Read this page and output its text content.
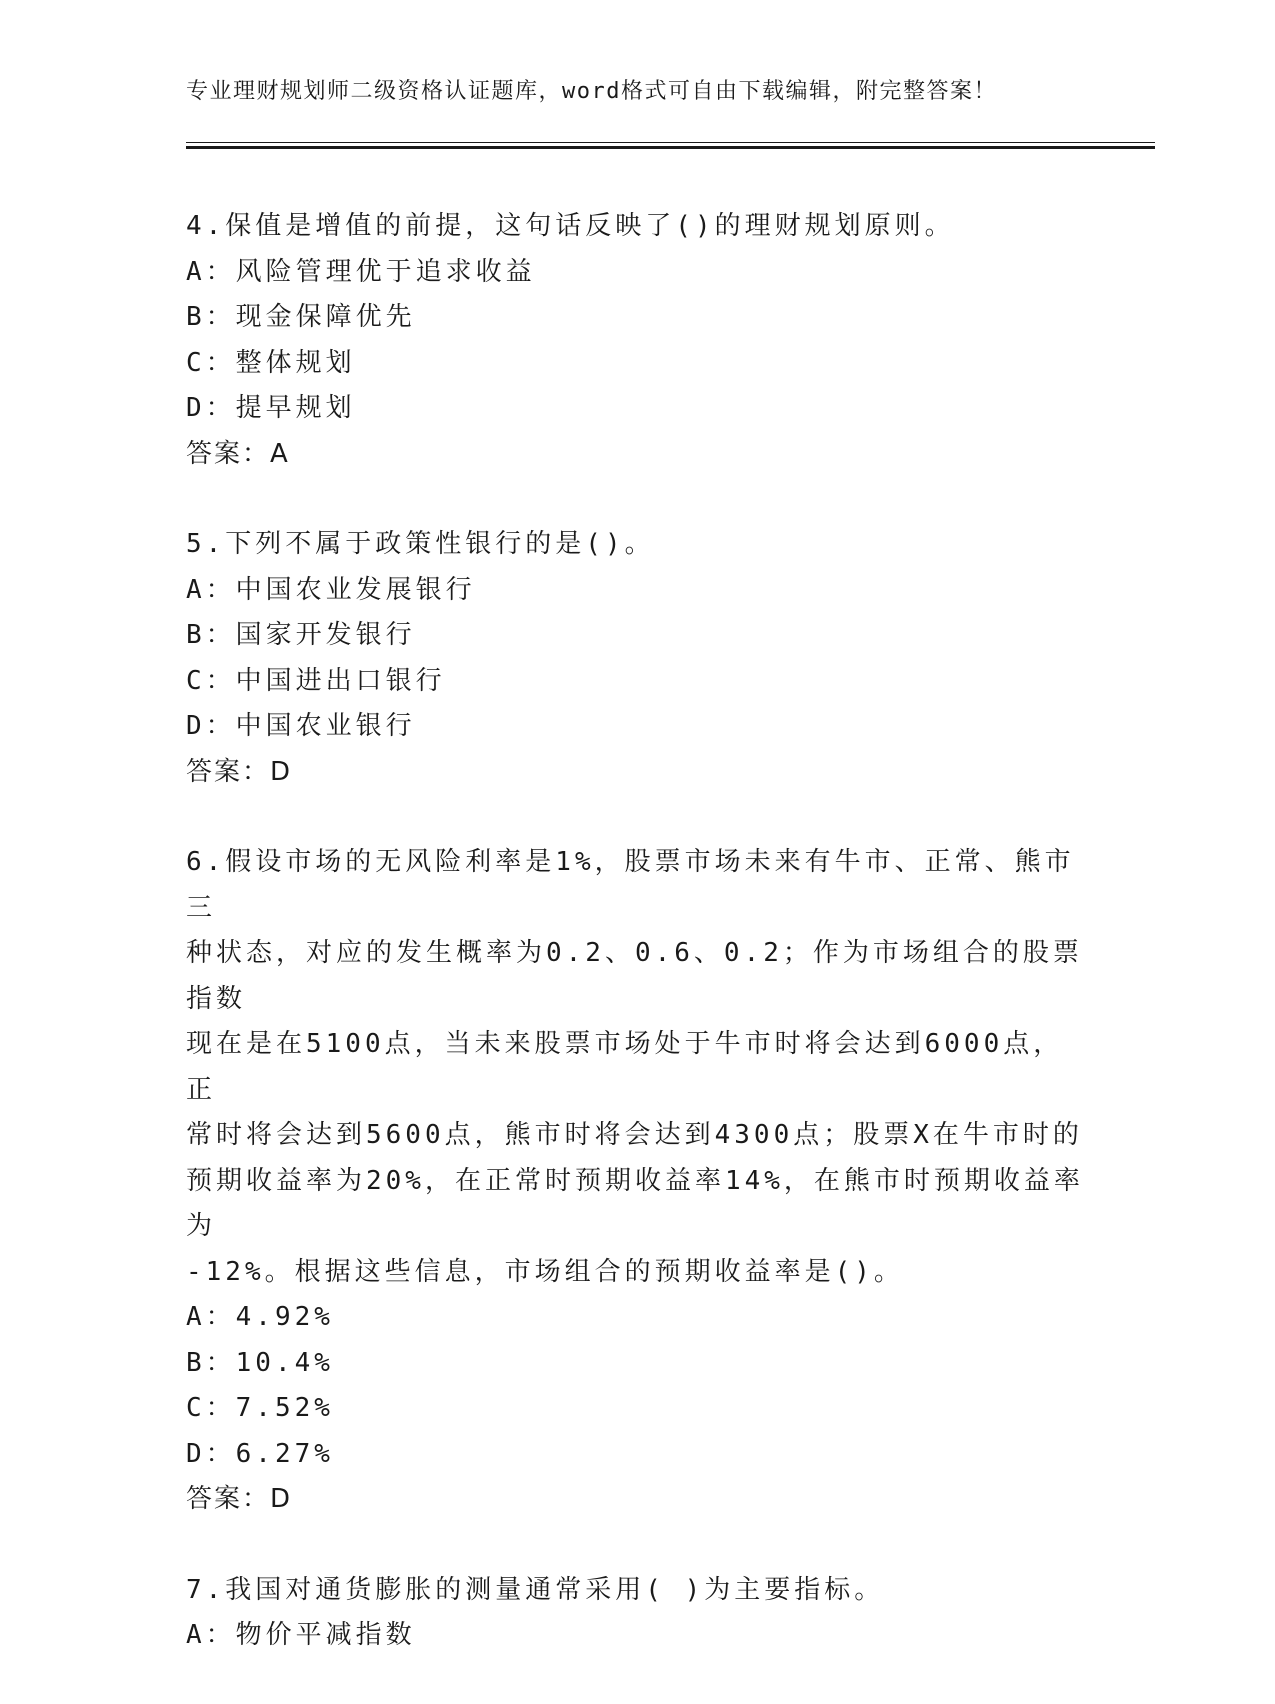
专业理财规划师二级资格认证题库，word格式可自由下载编辑，附完整答案！

4.保值是增值的前提，这句话反映了()的理财规划原则。

A：风险管理优于追求收益

B：现金保障优先

C：整体规划

D：提早规划

答案：A

5.下列不属于政策性银行的是()。

A：中国农业发展银行

B：国家开发银行

C：中国进出口银行

D：中国农业银行

答案：D

6.假设市场的无风险利率是1%，股票市场未来有牛市、正常、熊市三

种状态，对应的发生概率为0.2、0.6、0.2；作为市场组合的股票指数

现在是在5100点，当未来股票市场处于牛市时将会达到6000点，正

常时将会达到5600点，熊市时将会达到4300点；股票X在牛市时的

预期收益率为20%，在正常时预期收益率14%，在熊市时预期收益率为

-12%。根据这些信息，市场组合的预期收益率是()。

A：4.92%

B：10.4%

C：7.52%

D：6.27%

答案：D

7.我国对通货膨胀的测量通常采用( )为主要指标。

A：物价平减指数
